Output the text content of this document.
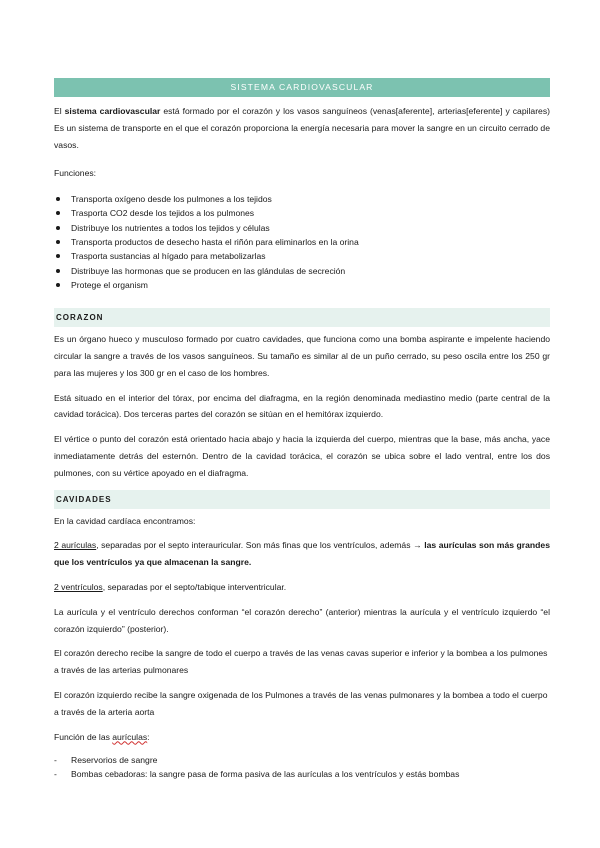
SISTEMA CARDIOVASCULAR

El sistema cardiovascular está formado por el corazón y los vasos sanguíneos (venas[aferente], arterias[eferente] y capilares) Es un sistema de transporte en el que el corazón proporciona la energía necesaria para mover la sangre en un circuito cerrado de vasos.

Funciones:

Transporta oxígeno desde los pulmones a los tejidos
Trasporta CO2 desde los tejidos a los pulmones
Distribuye los nutrientes a todos los tejidos y células
Transporta productos de desecho hasta el riñón para eliminarlos en la orina
Trasporta sustancias al hígado para metabolizarlas
Distribuye las hormonas que se producen en las glándulas de secreción
Protege el organism
CORAZON

Es un órgano hueco y musculoso formado por cuatro cavidades, que funciona como una bomba aspirante e impelente haciendo circular la sangre a través de los vasos sanguíneos. Su tamaño es similar al de un puño cerrado, su peso oscila entre los 250 gr para las mujeres y los 300 gr en el caso de los hombres.

Está situado en el interior del tórax, por encima del diafragma, en la región denominada mediastino medio (parte central de la cavidad torácica). Dos terceras partes del corazón se sitúan en el hemitórax izquierdo.

El vértice o punto del corazón está orientado hacia abajo y hacia la izquierda del cuerpo, mientras que la base, más ancha, yace inmediatamente detrás del esternón. Dentro de la cavidad torácica, el corazón se ubica sobre el lado ventral, entre los dos pulmones, con su vértice apoyado en el diafragma.

CAVIDADES

En la cavidad cardíaca encontramos:

2 aurículas, separadas por el septo interauricular. Son más finas que los ventrículos, además → las aurículas son más grandes que los ventrículos ya que almacenan la sangre.

2 ventrículos, separadas por el septo/tabique interventricular.

La aurícula y el ventrículo derechos conforman “el corazón derecho” (anterior) mientras la aurícula y el ventrículo izquierdo “el corazón izquierdo” (posterior).

El corazón derecho recibe la sangre de todo el cuerpo a través de las venas cavas superior e inferior y la bombea a los pulmones a través de las arterias pulmonares

El corazón izquierdo recibe la sangre oxigenada de los Pulmones a través de las venas pulmonares y la bombea a todo el cuerpo a través de la arteria aorta

Función de las aurículas:

- Reservorios de sangre
- Bombas cebadoras: la sangre pasa de forma pasiva de las aurículas a los ventrículos y estás bombas
